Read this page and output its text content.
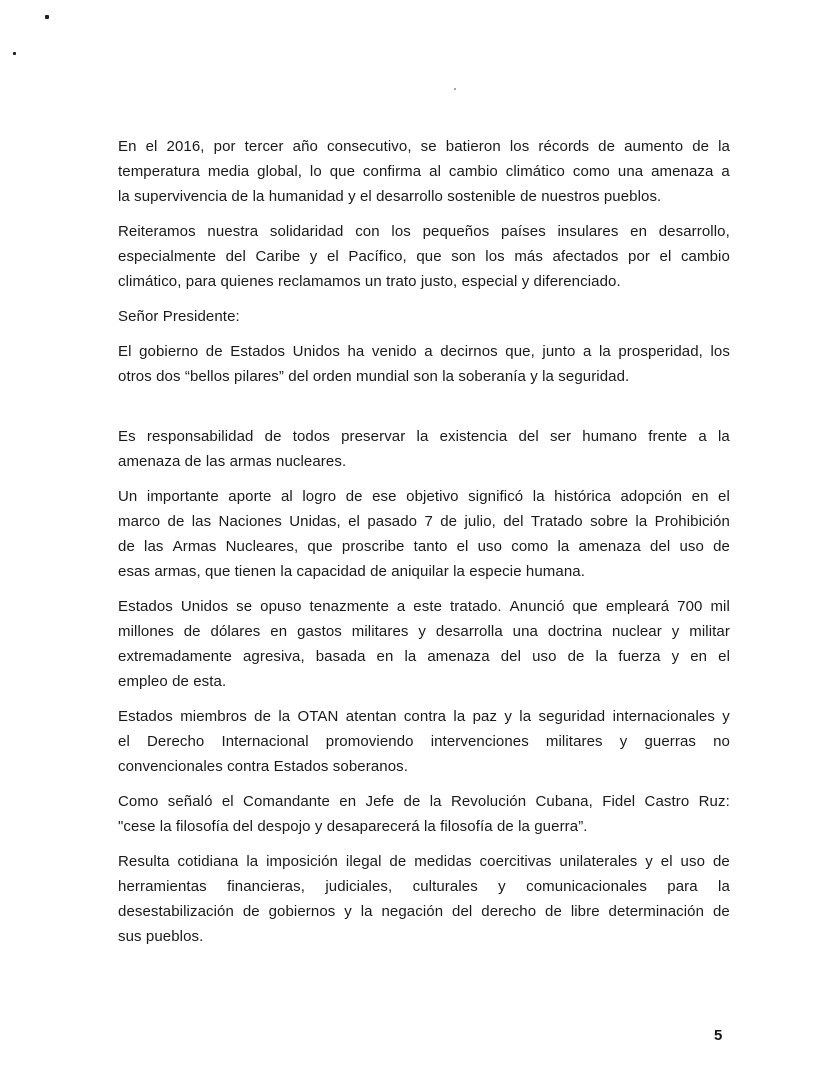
En el 2016, por tercer año consecutivo, se batieron los récords de aumento de la
temperatura media global, lo que confirma al cambio climático como una amenaza a
la supervivencia de la humanidad y el desarrollo sostenible de nuestros pueblos.
Reiteramos nuestra solidaridad con los pequeños países insulares en desarrollo,
especialmente del Caribe y el Pacífico, que son los más afectados por el cambio
climático, para quienes reclamamos un trato justo, especial y diferenciado.
Señor Presidente:
El gobierno de Estados Unidos ha venido a decirnos que, junto a la prosperidad, los
otros dos “bellos pilares” del orden mundial son la soberanía y la seguridad.
Es responsabilidad de todos preservar la existencia del ser humano frente a la
amenaza de las armas nucleares.
Un importante aporte al logro de ese objetivo significó la histórica adopción en el
marco de las Naciones Unidas, el pasado 7 de julio, del Tratado sobre la Prohibición
de las Armas Nucleares, que proscribe tanto el uso como la amenaza del uso de
esas armas, que tienen la capacidad de aniquilar la especie humana.
Estados Unidos se opuso tenazmente a este tratado. Anunció que empleará 700 mil
millones de dólares en gastos militares y desarrolla una doctrina nuclear y militar
extremadamente agresiva, basada en la amenaza del uso de la fuerza y en el
empleo de esta.
Estados miembros de la OTAN atentan contra la paz y la seguridad internacionales y
el Derecho Internacional promoviendo intervenciones militares y guerras no
convencionales contra Estados soberanos.
Como señaló el Comandante en Jefe de la Revolución Cubana, Fidel Castro Ruz:
"cese la filosofía del despojo y desaparecerá la filosofía de la guerra”.
Resulta cotidiana la imposición ilegal de medidas coercitivas unilaterales y el uso de
herramientas financieras, judiciales, culturales y comunicacionales para la
desestabilización de gobiernos y la negación del derecho de libre determinación de
sus pueblos.
5
